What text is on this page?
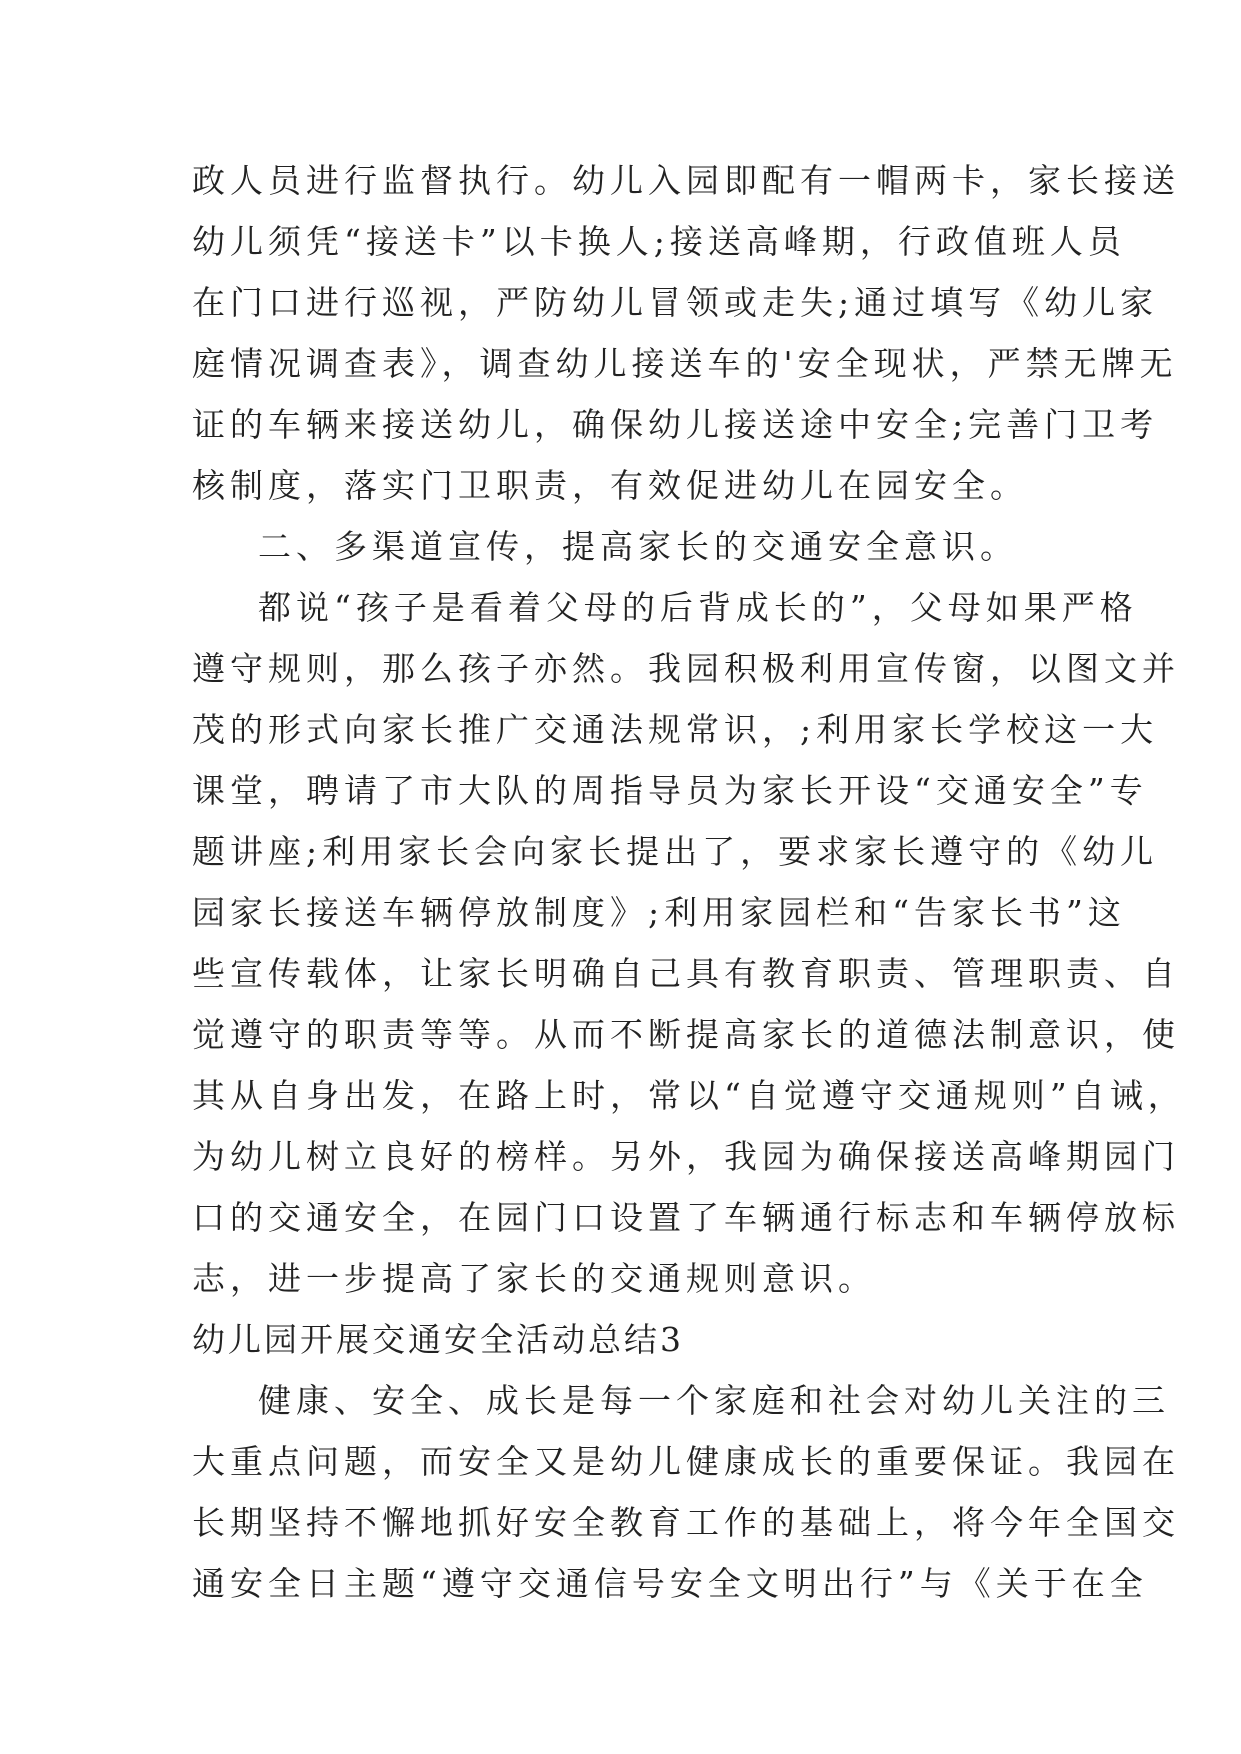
政人员进行监督执行。幼儿入园即配有一帽两卡，家长接送
幼儿须凭“接送卡”以卡换人;接送高峰期，行政值班人员
在门口进行巡视，严防幼儿冒领或走失;通过填写《幼儿家
庭情况调查表》，调查幼儿接送车的'安全现状，严禁无牌无
证的车辆来接送幼儿，确保幼儿接送途中安全;完善门卫考
核制度，落实门卫职责，有效促进幼儿在园安全。
二、多渠道宣传，提高家长的交通安全意识。
都说“孩子是看着父母的后背成长的”，父母如果严格
遵守规则，那么孩子亦然。我园积极利用宣传窗，以图文并
茂的形式向家长推广交通法规常识，;利用家长学校这一大
课堂，聘请了市大队的周指导员为家长开设“交通安全”专
题讲座;利用家长会向家长提出了，要求家长遵守的《幼儿
园家长接送车辆停放制度》;利用家园栏和“告家长书”这
些宣传载体，让家长明确自己具有教育职责、管理职责、自
觉遵守的职责等等。从而不断提高家长的道德法制意识，使
其从自身出发，在路上时，常以“自觉遵守交通规则”自诫，
为幼儿树立良好的榜样。另外，我园为确保接送高峰期园门
口的交通安全，在园门口设置了车辆通行标志和车辆停放标
志，进一步提高了家长的交通规则意识。
幼儿园开展交通安全活动总结3
健康、安全、成长是每一个家庭和社会对幼儿关注的三
大重点问题，而安全又是幼儿健康成长的重要保证。我园在
长期坚持不懈地抓好安全教育工作的基础上，将今年全国交
通安全日主题“遵守交通信号安全文明出行”与《关于在全
